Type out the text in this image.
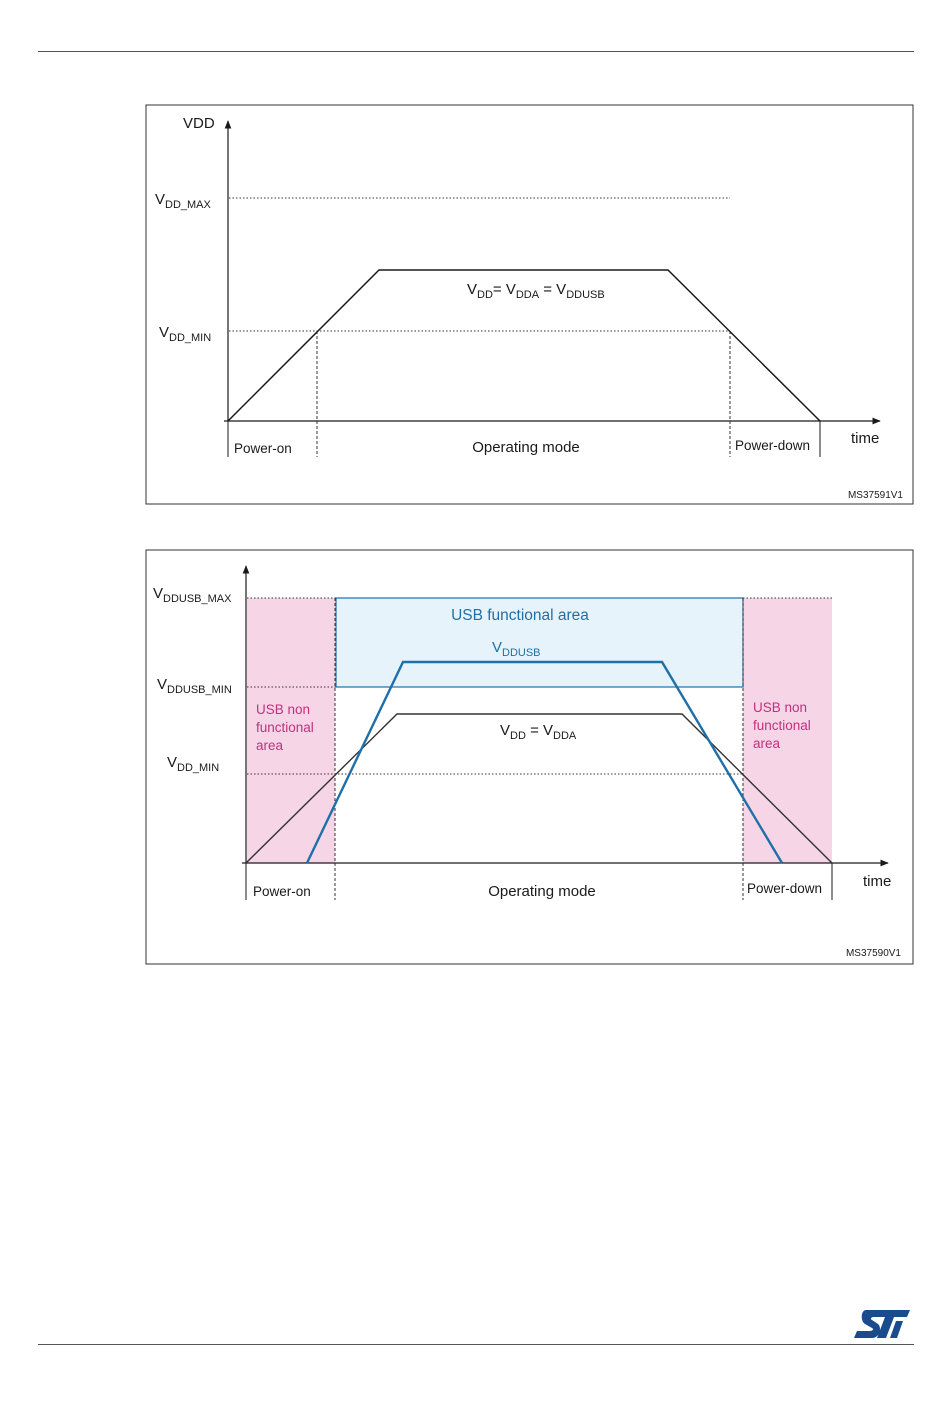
VDD
$V_{DD\_MAX}$
$V_{DD\_MIN}$
$V_{DD}= V_{DDA} = V_{DDUSB}$
time
Power-on	Operating mode	Power-down
MS37591V1
$V_{DDUSB\_MAX}$
$V_{DDUSB\_MIN}$
$V_{DD\_MIN}$
USB functional area
$V_{DDUSB}$
$V_{DD} = V_{DDA}$
USB non functional area
USB non functional area
time
Power-on	Operating mode	Power-down
MS37590V1
